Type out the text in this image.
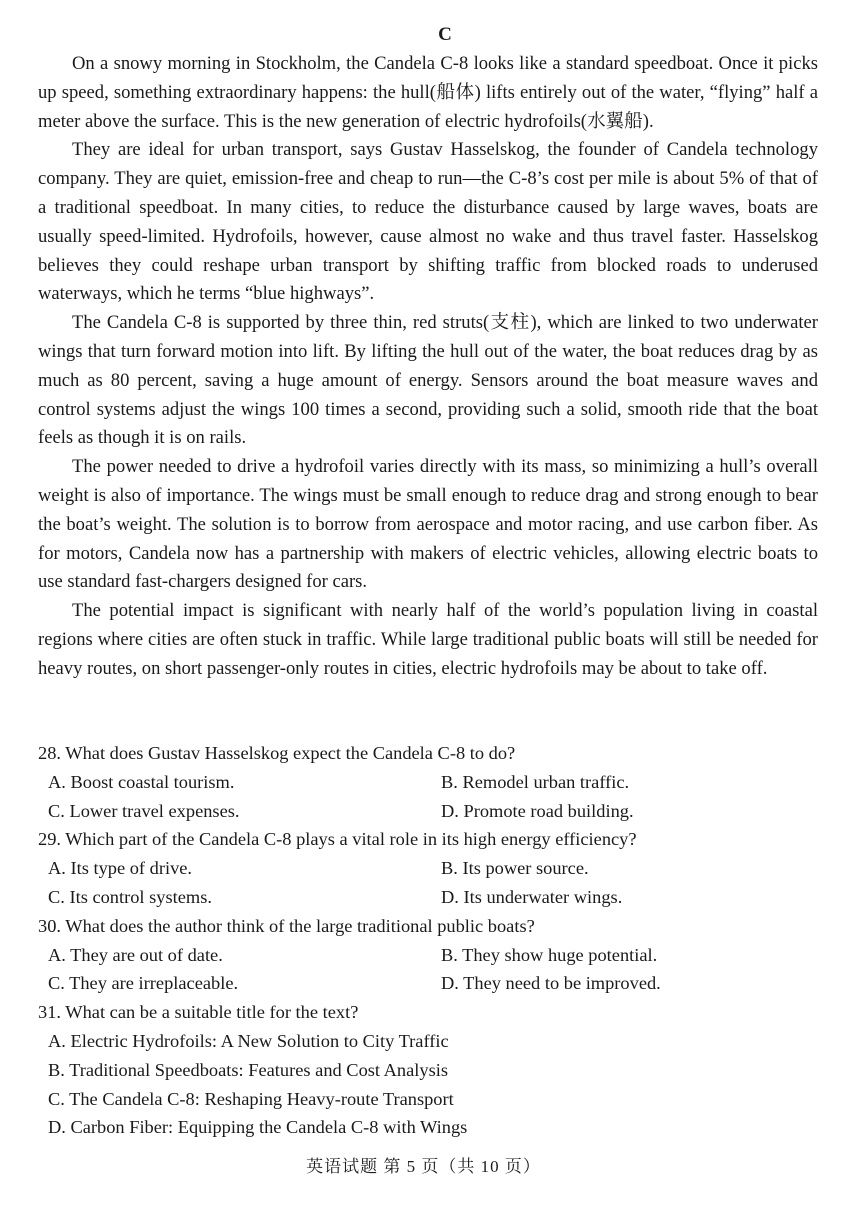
C

On a snowy morning in Stockholm, the Candela C-8 looks like a standard speedboat. Once it picks up speed, something extraordinary happens: the hull(船体) lifts entirely out of the water, “flying” half a meter above the surface. This is the new generation of electric hydrofoils(水翼船).

They are ideal for urban transport, says Gustav Hasselskog, the founder of Candela technology company. They are quiet, emission-free and cheap to run—the C-8’s cost per mile is about 5% of that of a traditional speedboat. In many cities, to reduce the disturbance caused by large waves, boats are usually speed-limited. Hydrofoils, however, cause almost no wake and thus travel faster. Hasselskog believes they could reshape urban transport by shifting traffic from blocked roads to underused waterways, which he terms “blue highways”.

The Candela C-8 is supported by three thin, red struts(支柱), which are linked to two underwater wings that turn forward motion into lift. By lifting the hull out of the water, the boat reduces drag by as much as 80 percent, saving a huge amount of energy. Sensors around the boat measure waves and control systems adjust the wings 100 times a second, providing such a solid, smooth ride that the boat feels as though it is on rails.

The power needed to drive a hydrofoil varies directly with its mass, so minimizing a hull’s overall weight is also of importance. The wings must be small enough to reduce drag and strong enough to bear the boat’s weight. The solution is to borrow from aerospace and motor racing, and use carbon fiber. As for motors, Candela now has a partnership with makers of electric vehicles, allowing electric boats to use standard fast-chargers designed for cars.

The potential impact is significant with nearly half of the world’s population living in coastal regions where cities are often stuck in traffic. While large traditional public boats will still be needed for heavy routes, on short passenger-only routes in cities, electric hydrofoils may be about to take off.

28. What does Gustav Hasselskog expect the Candela C-8 to do?

A. Boost coastal tourism.	B. Remodel urban traffic.
C. Lower travel expenses.	D. Promote road building.

29. Which part of the Candela C-8 plays a vital role in its high energy efficiency?

A. Its type of drive.	B. Its power source.
C. Its control systems.	D. Its underwater wings.

30. What does the author think of the large traditional public boats?

A. They are out of date.	B. They show huge potential.
C. They are irreplaceable.	D. They need to be improved.

31. What can be a suitable title for the text?

A. Electric Hydrofoils: A New Solution to City Traffic
B. Traditional Speedboats: Features and Cost Analysis
C. The Candela C-8: Reshaping Heavy-route Transport
D. Carbon Fiber: Equipping the Candela C-8 with Wings
英语试题 第 5 页（共 10 页）
